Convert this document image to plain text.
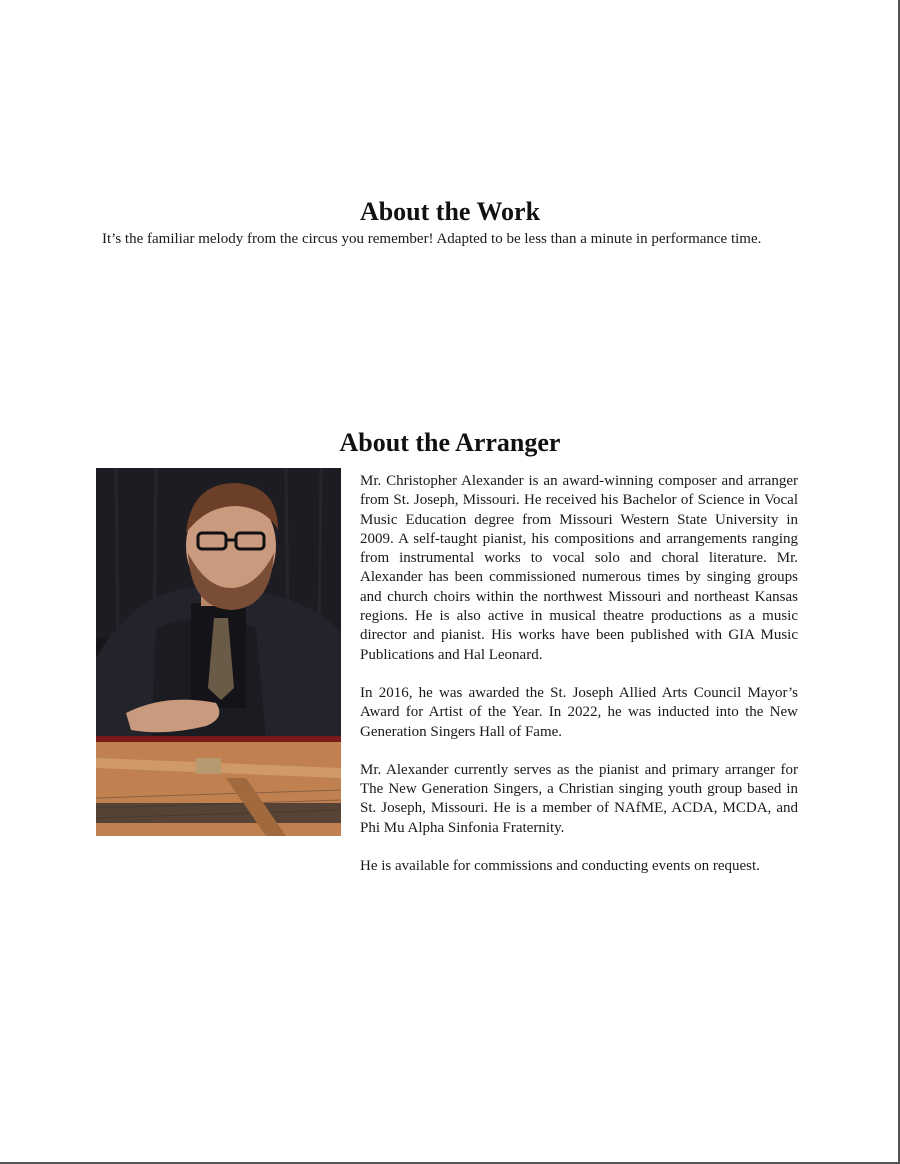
About the Work

It’s the familiar melody from the circus you remember! Adapted to be less than a minute in performance time.

About the Arranger

Mr. Christopher Alexander is an award-winning composer and arranger from St. Joseph, Missouri. He received his Bachelor of Science in Vocal Music Education degree from Missouri Western State University in 2009. A self-taught pianist, his compositions and arrangements ranging from instrumental works to vocal solo and choral literature. Mr. Alexander has been commissioned numerous times by singing groups and church choirs within the northwest Missouri and northeast Kansas regions. He is also active in musical theatre productions as a music director and pianist. His works have been published with GIA Music Publications and Hal Leonard.

In 2016, he was awarded the St. Joseph Allied Arts Council Mayor’s Award for Artist of the Year. In 2022, he was inducted into the New Generation Singers Hall of Fame.

Mr. Alexander currently serves as the pianist and primary arranger for The New Generation Singers, a Christian singing youth group based in St. Joseph, Missouri. He is a member of NAfME, ACDA, MCDA, and Phi Mu Alpha Sinfonia Fraternity.

He is available for commissions and conducting events on request.
